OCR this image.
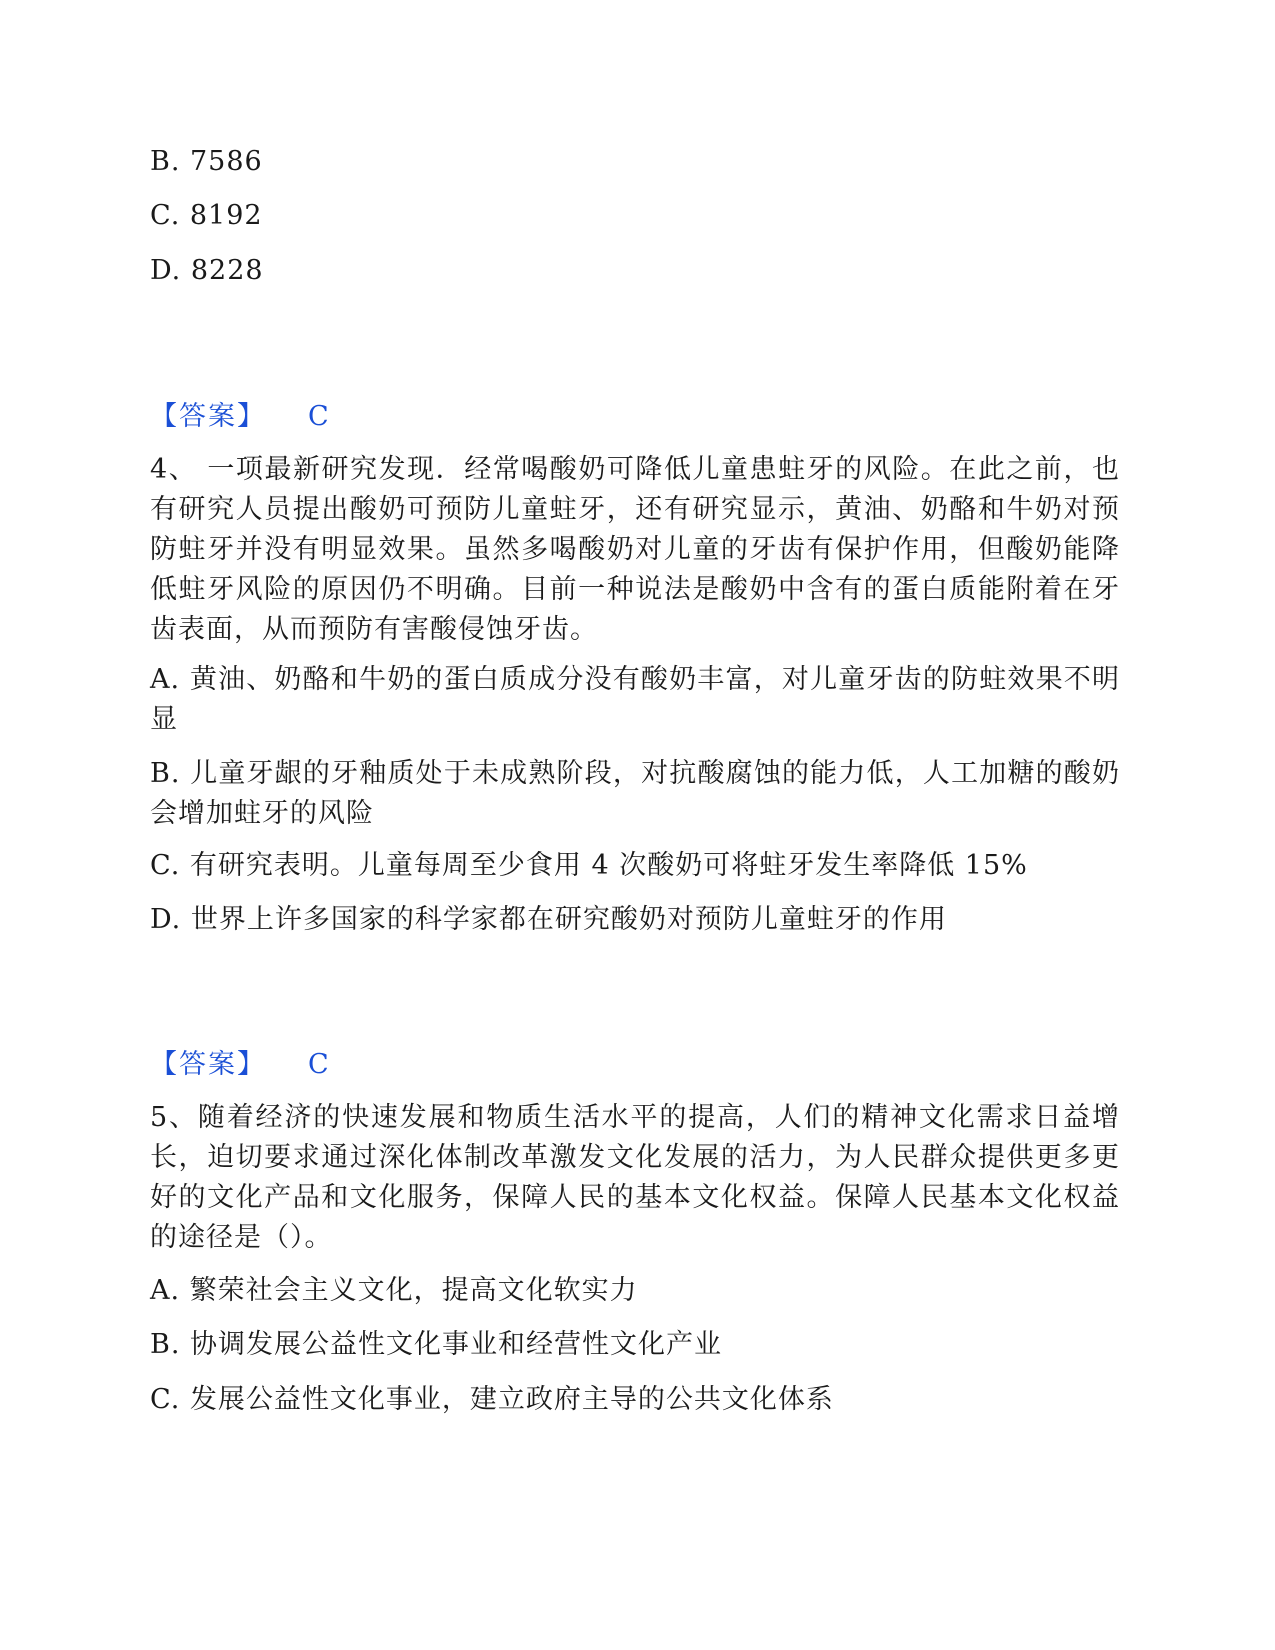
B. 7586
C. 8192
D. 8228
【答案】 C
4、 一项最新研究发现．经常喝酸奶可降低儿童患蛀牙的风险。在此之前，也有研究人员提出酸奶可预防儿童蛀牙，还有研究显示，黄油、奶酪和牛奶对预防蛀牙并没有明显效果。虽然多喝酸奶对儿童的牙齿有保护作用，但酸奶能降低蛀牙风险的原因仍不明确。目前一种说法是酸奶中含有的蛋白质能附着在牙齿表面，从而预防有害酸侵蚀牙齿。
A. 黄油、奶酪和牛奶的蛋白质成分没有酸奶丰富，对儿童牙齿的防蛀效果不明显
B. 儿童牙龈的牙釉质处于未成熟阶段，对抗酸腐蚀的能力低，人工加糖的酸奶会增加蛀牙的风险
C. 有研究表明。儿童每周至少食用 4 次酸奶可将蛀牙发生率降低 15%
D. 世界上许多国家的科学家都在研究酸奶对预防儿童蛀牙的作用
【答案】 C
5、随着经济的快速发展和物质生活水平的提高，人们的精神文化需求日益增长，迫切要求通过深化体制改革激发文化发展的活力，为人民群众提供更多更好的文化产品和文化服务，保障人民的基本文化权益。保障人民基本文化权益的途径是（）。
A. 繁荣社会主义文化，提高文化软实力
B. 协调发展公益性文化事业和经营性文化产业
C. 发展公益性文化事业，建立政府主导的公共文化体系
